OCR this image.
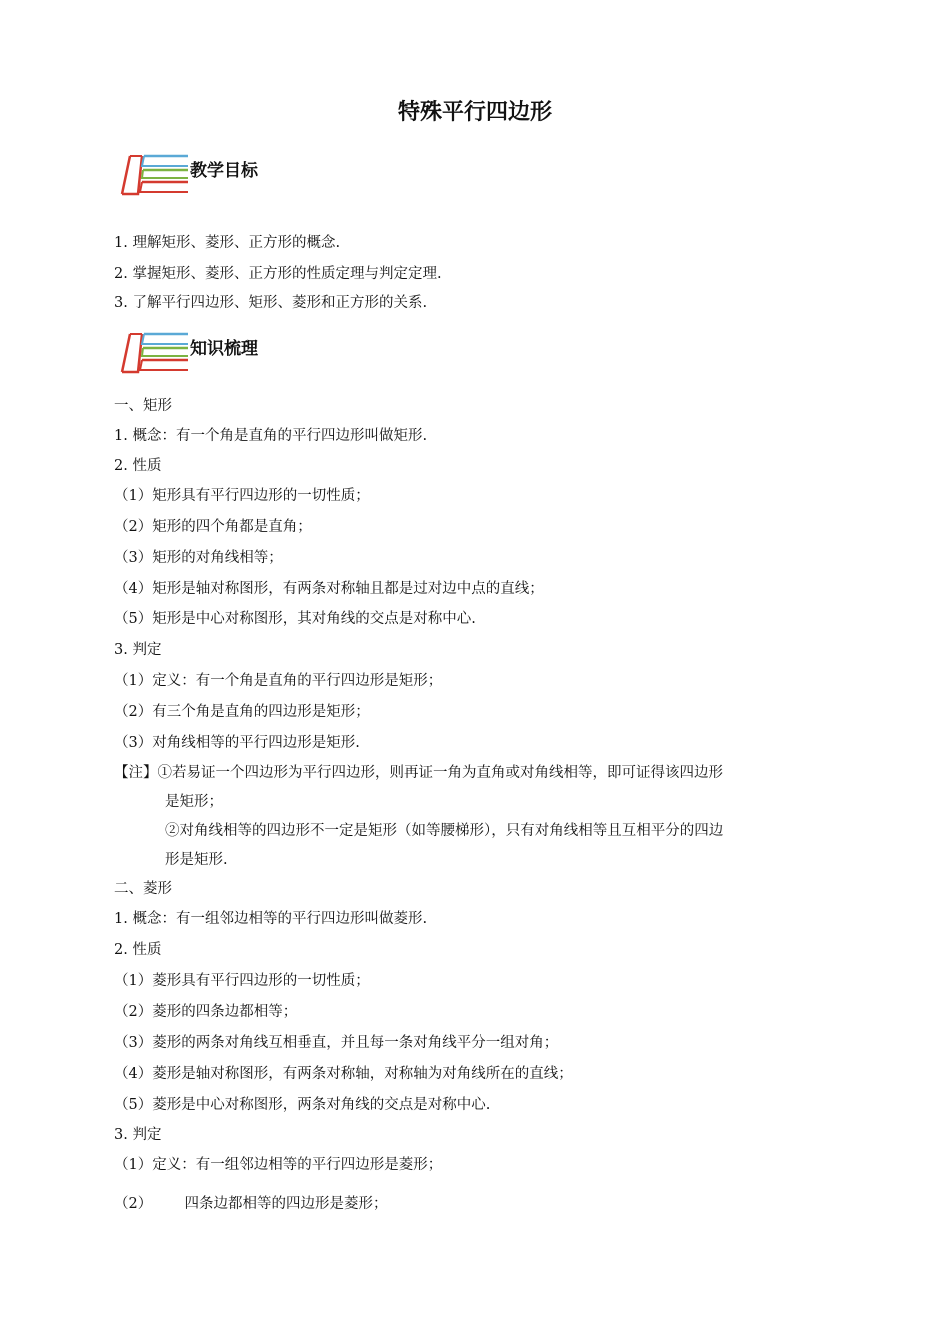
特殊平行四边形
教学目标
1. 理解矩形、菱形、正方形的概念.
2. 掌握矩形、菱形、正方形的性质定理与判定定理.
3. 了解平行四边形、矩形、菱形和正方形的关系.
知识梳理
一、矩形
1. 概念：有一个角是直角的平行四边形叫做矩形.
2. 性质
（1）矩形具有平行四边形的一切性质；
（2）矩形的四个角都是直角；
（3）矩形的对角线相等；
（4）矩形是轴对称图形，有两条对称轴且都是过对边中点的直线；
（5）矩形是中心对称图形，其对角线的交点是对称中心.
3. 判定
（1）定义：有一个角是直角的平行四边形是矩形；
（2）有三个角是直角的四边形是矩形；
（3）对角线相等的平行四边形是矩形.
【注】①若易证一个四边形为平行四边形，则再证一角为直角或对角线相等，即可证得该四边形
是矩形；
②对角线相等的四边形不一定是矩形（如等腰梯形），只有对角线相等且互相平分的四边
形是矩形.
二、菱形
1. 概念：有一组邻边相等的平行四边形叫做菱形.
2. 性质
（1）菱形具有平行四边形的一切性质；
（2）菱形的四条边都相等；
（3）菱形的两条对角线互相垂直，并且每一条对角线平分一组对角；
（4）菱形是轴对称图形，有两条对称轴，对称轴为对角线所在的直线；
（5）菱形是中心对称图形，两条对角线的交点是对称中心.
3. 判定
（1）定义：有一组邻边相等的平行四边形是菱形；
（2）       四条边都相等的四边形是菱形；
